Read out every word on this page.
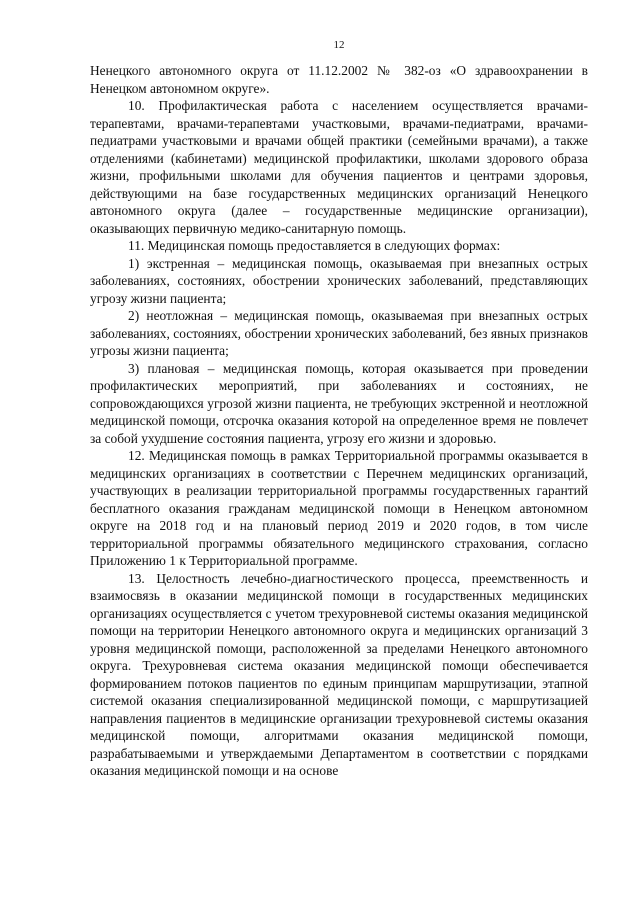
12

Ненецкого автономного округа от 11.12.2002 № 382-оз «О здравоохранении в Ненецком автономном округе».

10. Профилактическая работа с населением осуществляется врачами-терапевтами, врачами-терапевтами участковыми, врачами-педиатрами, врачами-педиатрами участковыми и врачами общей практики (семейными врачами), а также отделениями (кабинетами) медицинской профилактики, школами здорового образа жизни, профильными школами для обучения пациентов и центрами здоровья, действующими на базе государственных медицинских организаций Ненецкого автономного округа (далее – государственные медицинские организации), оказывающих первичную медико-санитарную помощь.

11. Медицинская помощь предоставляется в следующих формах:

1) экстренная – медицинская помощь, оказываемая при внезапных острых заболеваниях, состояниях, обострении хронических заболеваний, представляющих угрозу жизни пациента;

2) неотложная – медицинская помощь, оказываемая при внезапных острых заболеваниях, состояниях, обострении хронических заболеваний, без явных признаков угрозы жизни пациента;

3) плановая – медицинская помощь, которая оказывается при проведении профилактических мероприятий, при заболеваниях и состояниях, не сопровождающихся угрозой жизни пациента, не требующих экстренной и неотложной медицинской помощи, отсрочка оказания которой на определенное время не повлечет за собой ухудшение состояния пациента, угрозу его жизни и здоровью.

12. Медицинская помощь в рамках Территориальной программы оказывается в медицинских организациях в соответствии с Перечнем медицинских организаций, участвующих в реализации территориальной программы государственных гарантий бесплатного оказания гражданам медицинской помощи в Ненецком автономном округе на 2018 год и на плановый период 2019 и 2020 годов, в том числе территориальной программы обязательного медицинского страхования, согласно Приложению 1 к Территориальной программе.

13. Целостность лечебно-диагностического процесса, преемственность и взаимосвязь в оказании медицинской помощи в государственных медицинских организациях осуществляется с учетом трехуровневой системы оказания медицинской помощи на территории Ненецкого автономного округа и медицинских организаций 3 уровня медицинской помощи, расположенной за пределами Ненецкого автономного округа. Трехуровневая система оказания медицинской помощи обеспечивается формированием потоков пациентов по единым принципам маршрутизации, этапной системой оказания специализированной медицинской помощи, с маршрутизацией направления пациентов в медицинские организации трехуровневой системы оказания медицинской помощи, алгоритмами оказания медицинской помощи, разрабатываемыми и утверждаемыми Департаментом в соответствии с порядками оказания медицинской помощи и на основе
